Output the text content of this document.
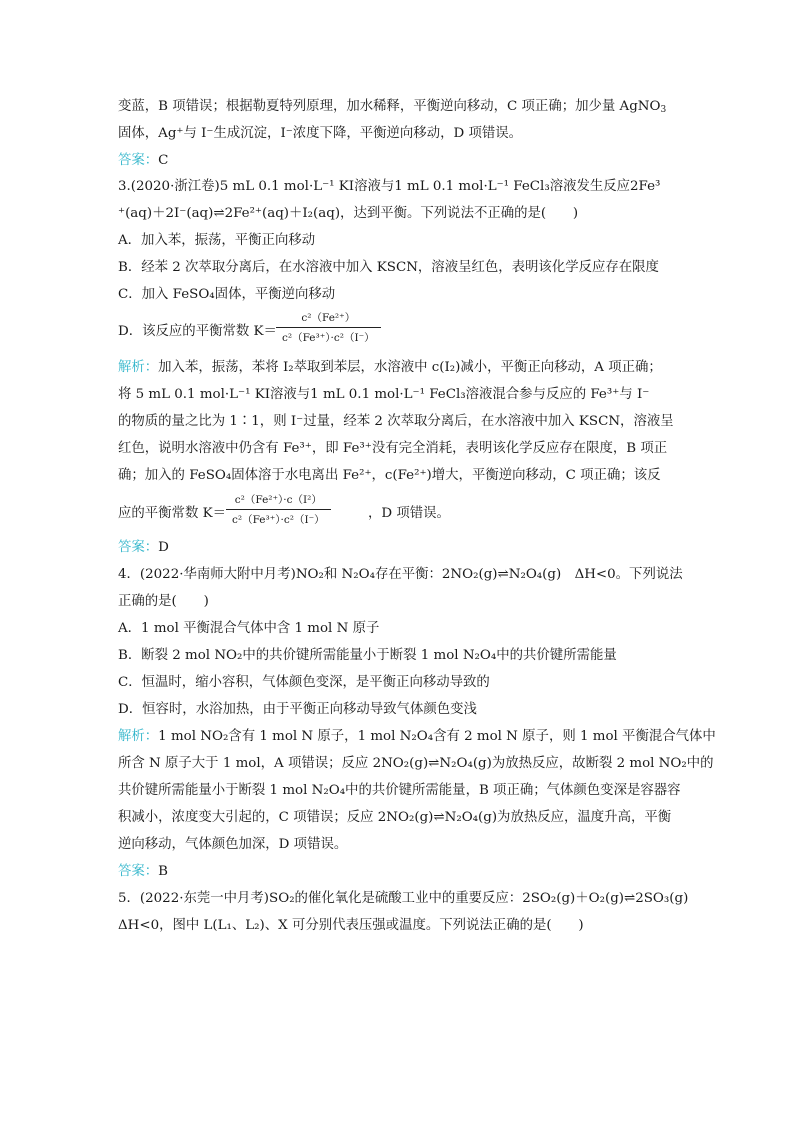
变蓝，B 项错误；根据勒夏特列原理，加水稀释，平衡逆向移动，C 项正确；加少量 AgNO$_3$
固体，Ag⁺与 I⁻生成沉淀，I⁻浓度下降，平衡逆向移动，D 项错误。
答案：C
3.(2020·浙江卷)5 mL 0.1 mol·L⁻¹ KI溶液与1 mL 0.1 mol·L⁻¹ FeCl₃溶液发生反应2Fe³
⁺(aq)＋2I⁻(aq)⇌2Fe²⁺(aq)＋I₂(aq)，达到平衡。下列说法不正确的是(　　)
A．加入苯，振荡，平衡正向移动
B．经苯 2 次萃取分离后，在水溶液中加入 KSCN，溶液呈红色，表明该化学反应存在限度
C．加入 FeSO₄固体，平衡逆向移动
D．该反应的平衡常数 $K= \frac{\text{c²（Fe²⁺）}}{\text{c²（Fe³⁺）·c²（I⁻）}}$
解析：加入苯，振荡，苯将 I₂萃取到苯层，水溶液中 c(I₂)减小，平衡正向移动，A 项正确；
将 5 mL 0.1 mol·L⁻¹ KI溶液与1 mL 0.1 mol·L⁻¹ FeCl₃溶液混合参与反应的 Fe³⁺与 I⁻
的物质的量之比为 1∶1，则 I⁻过量，经苯 2 次萃取分离后，在水溶液中加入 KSCN，溶液呈
红色，说明水溶液中仍含有 Fe³⁺，即 Fe³⁺没有完全消耗，表明该化学反应存在限度，B 项正
确；加入的 FeSO₄固体溶于水电离出 Fe²⁺，c(Fe²⁺)增大，平衡逆向移动，C 项正确；该反
应的平衡常数 $K= \frac{\text{c²（Fe²⁺）·c（I²）}}{\text{c²（Fe³⁺）·c²（I⁻）}}$	，D 项错误。
答案：D
4．(2022·华南师大附中月考)NO₂和 N₂O₄存在平衡：2NO₂(g)⇌N₂O₄(g)　ΔH<0。下列说法
正确的是(　　)
A．1 mol 平衡混合气体中含 1 mol N 原子
B．断裂 2 mol NO₂中的共价键所需能量小于断裂 1 mol N₂O₄中的共价键所需能量
C．恒温时，缩小容积，气体颜色变深，是平衡正向移动导致的
D．恒容时，水浴加热，由于平衡正向移动导致气体颜色变浅
解析：1 mol NO₂含有 1 mol N 原子，1 mol N₂O₄含有 2 mol N 原子，则 1 mol 平衡混合气体中
所含 N 原子大于 1 mol，A 项错误；反应 2NO₂(g)⇌N₂O₄(g)为放热反应，故断裂 2 mol NO₂中的
共价键所需能量小于断裂 1 mol N₂O₄中的共价键所需能量，B 项正确；气体颜色变深是容器容
积减小，浓度变大引起的，C 项错误；反应 2NO₂(g)⇌N₂O₄(g)为放热反应，温度升高，平衡
逆向移动，气体颜色加深，D 项错误。
答案：B
5．(2022·东莞一中月考)SO₂的催化氧化是硫酸工业中的重要反应：2SO₂(g)＋O₂(g)⇌2SO₃(g)
ΔH<0，图中 L(L₁、L₂)、X 可分别代表压强或温度。下列说法正确的是(　　)
